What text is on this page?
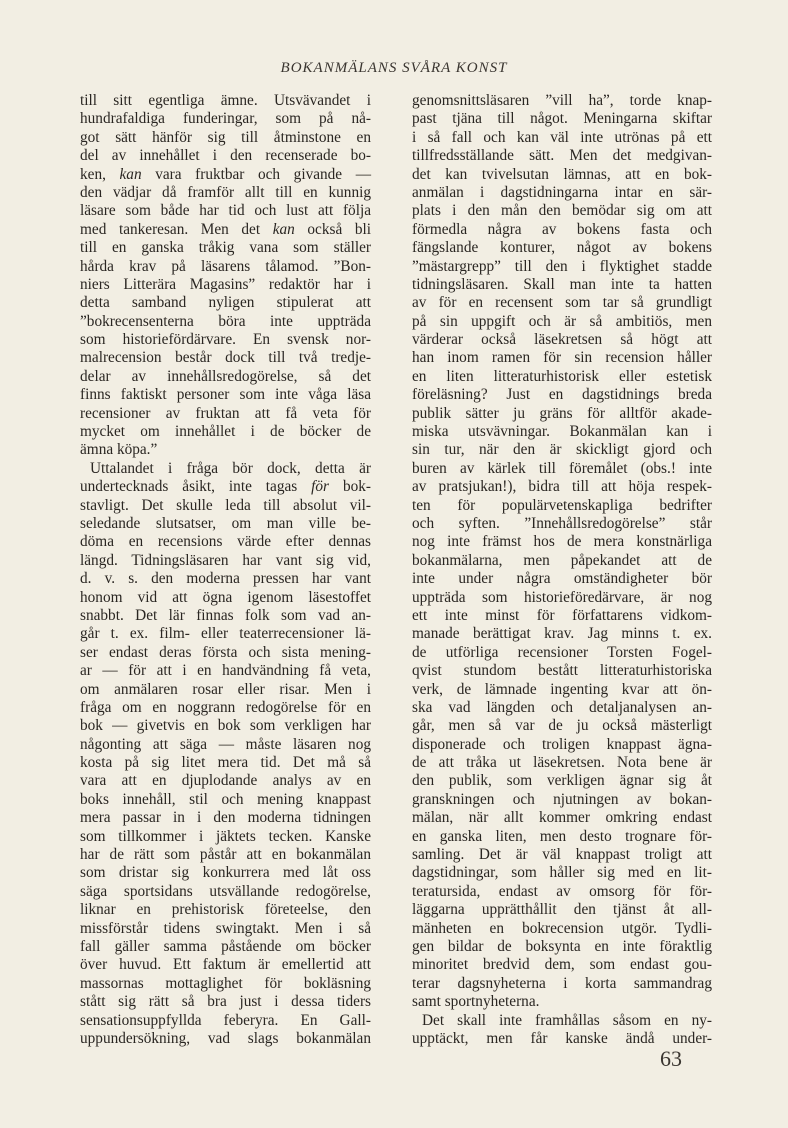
BOKANMÄLANS SVÅRA KONST
till sitt egentliga ämne. Utsvävandet i
hundrafaldiga funderingar, som på nå-
got sätt hänför sig till åtminstone en
del av innehållet i den recenserade bo-
ken, kan vara fruktbar och givande —
den vädjar då framför allt till en kunnig
läsare som både har tid och lust att följa
med tankeresan. Men det kan också bli
till en ganska tråkig vana som ställer
hårda krav på läsarens tålamod. ”Bon-
niers Litterära Magasins” redaktör har i
detta samband nyligen stipulerat att
”bokrecensenterna böra inte uppträda
som historiefördärvare. En svensk nor-
malrecension består dock till två tredje-
delar av innehållsredogörelse, så det
finns faktiskt personer som inte våga läsa
recensioner av fruktan att få veta för
mycket om innehållet i de böcker de
ämna köpa.”
Uttalandet i fråga bör dock, detta är
undertecknads åsikt, inte tagas för bok-
stavligt. Det skulle leda till absolut vil-
seledande slutsatser, om man ville be-
döma en recensions värde efter dennas
längd. Tidningsläsaren har vant sig vid,
d. v. s. den moderna pressen har vant
honom vid att ögna igenom läsestoffet
snabbt. Det lär finnas folk som vad an-
går t. ex. film- eller teaterrecensioner lä-
ser endast deras första och sista mening-
ar — för att i en handvändning få veta,
om anmälaren rosar eller risar. Men i
fråga om en noggrann redogörelse för en
bok — givetvis en bok som verkligen har
någonting att säga — måste läsaren nog
kosta på sig litet mera tid. Det må så
vara att en djuplodande analys av en
boks innehåll, stil och mening knappast
mera passar in i den moderna tidningen
som tillkommer i jäktets tecken. Kanske
har de rätt som påstår att en bokanmälan
som dristar sig konkurrera med låt oss
säga sportsidans utsvällande redogörelse,
liknar en prehistorisk företeelse, den
missförstår tidens swingtakt. Men i så
fall gäller samma påstående om böcker
över huvud. Ett faktum är emellertid att
massornas mottaglighet för bokläsning
stått sig rätt så bra just i dessa tiders
sensationsuppfyllda feberyra. En Gall-
uppundersökning, vad slags bokanmälan
genomsnittsläsaren ”vill ha”, torde knap-
past tjäna till något. Meningarna skiftar
i så fall och kan väl inte utrönas på ett
tillfredsställande sätt. Men det medgivan-
det kan tvivelsutan lämnas, att en bok-
anmälan i dagstidningarna intar en sär-
plats i den mån den bemödar sig om att
förmedla några av bokens fasta och
fängslande konturer, något av bokens
”mästargrepp” till den i flyktighet stadde
tidningsläsaren. Skall man inte ta hatten
av för en recensent som tar så grundligt
på sin uppgift och är så ambitiös, men
värderar också läsekretsen så högt att
han inom ramen för sin recension håller
en liten litteraturhistorisk eller estetisk
föreläsning? Just en dagstidnings breda
publik sätter ju gräns för alltför akade-
miska utsvävningar. Bokanmälan kan i
sin tur, när den är skickligt gjord och
buren av kärlek till föremålet (obs.! inte
av pratsjukan!), bidra till att höja respek-
ten för populärvetenskapliga bedrifter
och syften. ”Innehållsredogörelse” står
nog inte främst hos de mera konstnärliga
bokanmälarna, men påpekandet att de
inte under några omständigheter bör
uppträda som historieföredärvare, är nog
ett inte minst för författarens vidkom-
manade berättigat krav. Jag minns t. ex.
de utförliga recensioner Torsten Fogel-
qvist stundom bestått litteraturhistoriska
verk, de lämnade ingenting kvar att ön-
ska vad längden och detaljanalysen an-
går, men så var de ju också mästerligt
disponerade och troligen knappast ägna-
de att tråka ut läsekretsen. Nota bene är
den publik, som verkligen ägnar sig åt
granskningen och njutningen av bokan-
mälan, när allt kommer omkring endast
en ganska liten, men desto trognare för-
samling. Det är väl knappast troligt att
dagstidningar, som håller sig med en lit-
teratursida, endast av omsorg för för-
läggarna upprätthållit den tjänst åt all-
mänheten en bokrecension utgör. Tydli-
gen bildar de boksynta en inte föraktlig
minoritet bredvid dem, som endast gou-
terar dagsnyheterna i korta sammandrag
samt sportnyheterna.
Det skall inte framhållas såsom en ny-
upptäckt, men får kanske ändå under-
63
